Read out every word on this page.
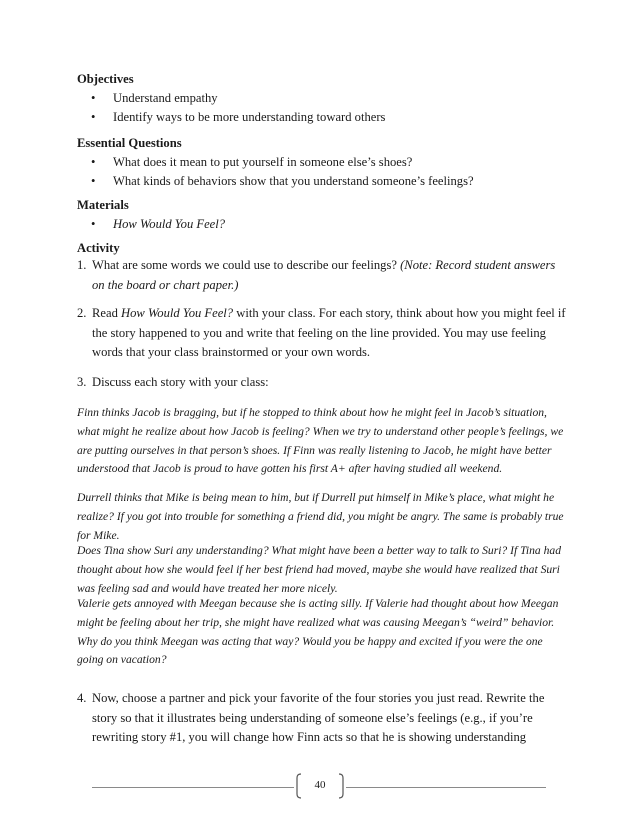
Objectives
• Understand empathy
• Identify ways to be more understanding toward others
Essential Questions
• What does it mean to put yourself in someone else’s shoes?
• What kinds of behaviors show that you understand someone’s feelings?
Materials
• How Would You Feel?
Activity
1. What are some words we could use to describe our feelings? (Note: Record student answers on the board or chart paper.)
2. Read How Would You Feel? with your class. For each story, think about how you might feel if the story happened to you and write that feeling on the line provided. You may use feeling words that your class brainstormed or your own words.
3. Discuss each story with your class:
Finn thinks Jacob is bragging, but if he stopped to think about how he might feel in Jacob’s situation, what might he realize about how Jacob is feeling? When we try to understand other people’s feelings, we are putting ourselves in that person’s shoes. If Finn was really listening to Jacob, he might have better understood that Jacob is proud to have gotten his first A+ after having studied all weekend.
Durrell thinks that Mike is being mean to him, but if Durrell put himself in Mike’s place, what might he realize? If you got into trouble for something a friend did, you might be angry. The same is probably true for Mike.
Does Tina show Suri any understanding? What might have been a better way to talk to Suri? If Tina had thought about how she would feel if her best friend had moved, maybe she would have realized that Suri was feeling sad and would have treated her more nicely.
Valerie gets annoyed with Meegan because she is acting silly. If Valerie had thought about how Meegan might be feeling about her trip, she might have realized what was causing Meegan’s “weird” behavior. Why do you think Meegan was acting that way? Would you be happy and excited if you were the one going on vacation?
4. Now, choose a partner and pick your favorite of the four stories you just read. Rewrite the story so that it illustrates being understanding of someone else’s feelings (e.g., if you’re rewriting story #1, you will change how Finn acts so that he is showing understanding
40
